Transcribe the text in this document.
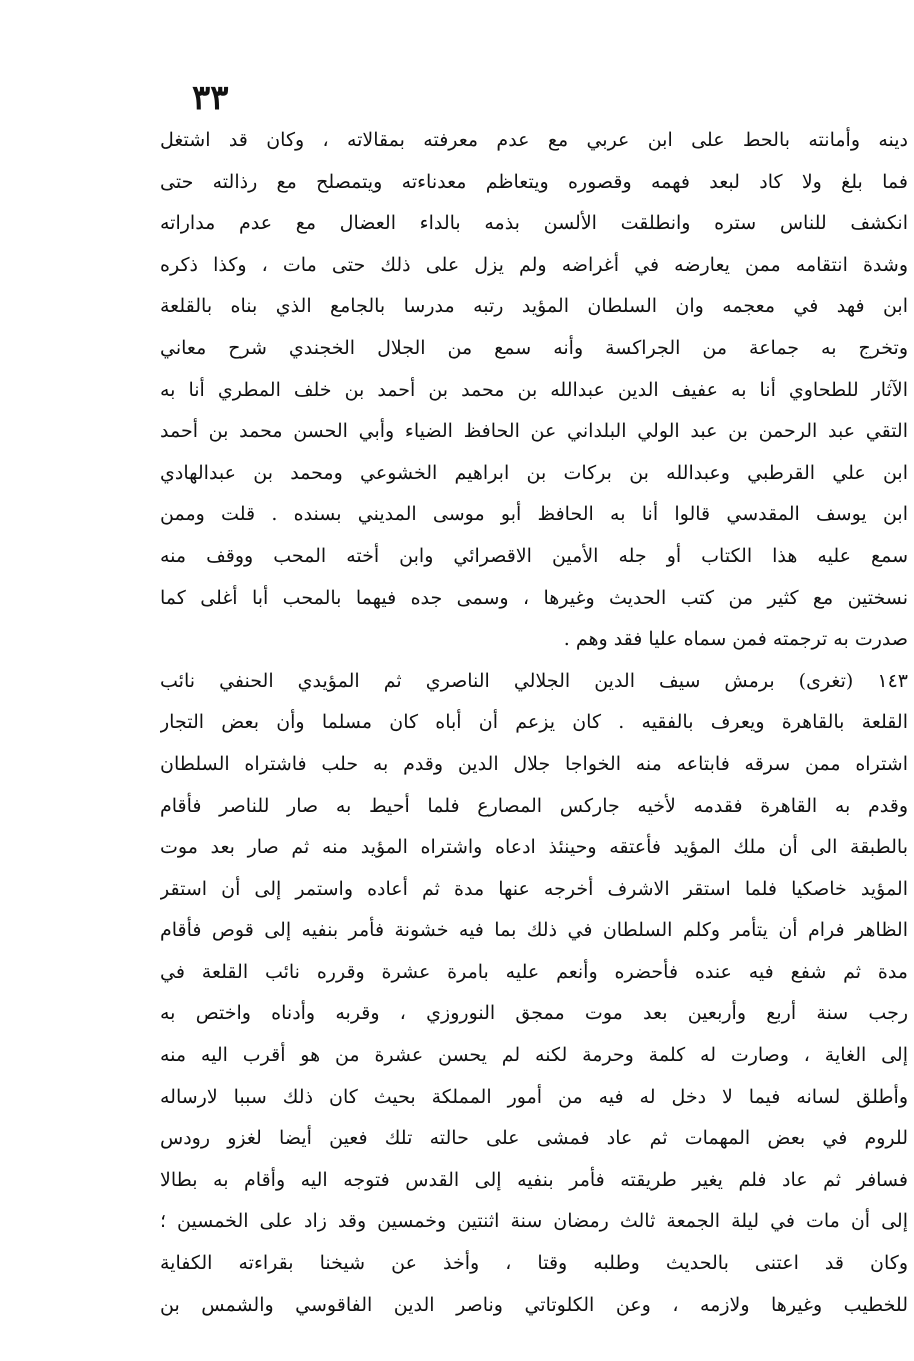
٣٣
دينه وأمانته بالحط على ابن عربي مع عدم معرفته بمقالاته ، وكان قد اشتغل
فما بلغ ولا كاد لبعد فهمه وقصوره ويتعاظم معدناءته ويتمصلح مع رذالته حتى
انكشف للناس ستره وانطلقت الألسن بذمه بالداء العضال مع عدم مداراته
وشدة انتقامه ممن يعارضه في أغراضه ولم يزل على ذلك حتى مات ، وكذا ذكره
ابن فهد في معجمه وان السلطان المؤيد رتبه مدرسا بالجامع الذي بناه بالقلعة
وتخرج به جماعة من الجراكسة وأنه سمع من الجلال الخجندي شرح معاني
الآثار للطحاوي أنا به عفيف الدين عبدالله بن محمد بن أحمد بن خلف المطري أنا به
التقي عبد الرحمن بن عبد الولي البلداني عن الحافظ الضياء وأبي الحسن محمد بن أحمد
ابن علي القرطبي وعبدالله بن بركات بن ابراهيم الخشوعي ومحمد بن عبدالهادي
ابن يوسف المقدسي قالوا أنا به الحافظ أبو موسى المديني بسنده . قلت وممن
سمع عليه هذا الكتاب أو جله الأمين الاقصرائي وابن أخته المحب ووقف منه
نسختين مع كثير من كتب الحديث وغيرها ، وسمى جده فيهما بالمحب أبا أغلى كما
صدرت به ترجمته فمن سماه عليا فقد وهم .
١٤٣ (تغرى) برمش سيف الدين الجلالي الناصري ثم المؤيدي الحنفي نائب
القلعة بالقاهرة ويعرف بالفقيه . كان يزعم أن أباه كان مسلما وأن بعض التجار
اشتراه ممن سرقه فابتاعه منه الخواجا جلال الدين وقدم به حلب فاشتراه السلطان
وقدم به القاهرة فقدمه لأخيه جاركس المصارع فلما أحيط به صار للناصر فأقام
بالطبقة الى أن ملك المؤيد فأعتقه وحينئذ ادعاه واشتراه المؤيد منه ثم صار بعد موت
المؤيد خاصكيا فلما استقر الاشرف أخرجه عنها مدة ثم أعاده واستمر إلى أن استقر
الظاهر فرام أن يتأمر وكلم السلطان في ذلك بما فيه خشونة فأمر بنفيه إلى قوص فأقام
مدة ثم شفع فيه عنده فأحضره وأنعم عليه بامرة عشرة وقرره نائب القلعة في
رجب سنة أربع وأربعين بعد موت ممجق النوروزي ، وقربه وأدناه واختص به
إلى الغاية ، وصارت له كلمة وحرمة لكنه لم يحسن عشرة من هو أقرب اليه منه
وأطلق لسانه فيما لا دخل له فيه من أمور المملكة بحيث كان ذلك سببا لارساله
للروم في بعض المهمات ثم عاد فمشى على حالته تلك فعين أيضا لغزو رودس
فسافر ثم عاد فلم يغير طريقته فأمر بنفيه إلى القدس فتوجه اليه وأقام به بطالا
إلى أن مات في ليلة الجمعة ثالث رمضان سنة اثنتين وخمسين وقد زاد على الخمسين ؛
وكان قد اعتنى بالحديث وطلبه وقتا ، وأخذ عن شيخنا بقراءته الكفاية
للخطيب وغيرها ولازمه ، وعن الكلوتاتي وناصر الدين الفاقوسي والشمس بن
